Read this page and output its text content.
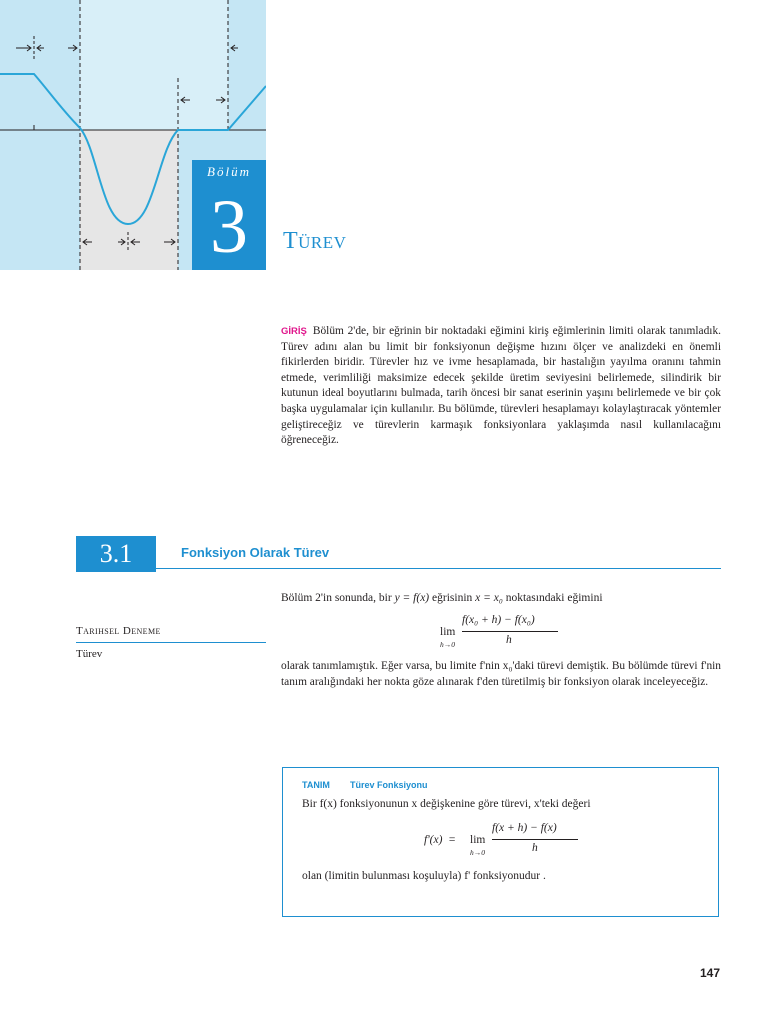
Bölüm
3	Türev
GİRİŞ Bölüm 2'de, bir eğrinin bir noktadaki eğimini kiriş eğimlerinin limiti olarak tanımladık. Türev adını alan bu limit bir fonksiyonun değişme hızını ölçer ve analizdeki en önemli fikirlerden biridir. Türevler hız ve ivme hesaplamada, bir hastalığın yayılma oranını tahmin etmede, verimliliği maksimize edecek şekilde üretim seviyesini belirlemede, silindirik bir kutunun ideal boyutlarını bulmada, tarih öncesi bir sanat eserinin yaşını belirlemede ve bir çok başka uygulamalar için kullanılır. Bu bölümde, türevleri hesaplamayı kolaylaştıracak yöntemler geliştireceğiz ve türevlerin karmaşık fonksiyonlara yaklaşımda nasıl kullanılacağını öğreneceğiz.
3.1	Fonksiyon Olarak Türev
Tarihsel Deneme
Türev
Bölüm 2'in sonunda, bir y = f(x) eğrisinin x = x₀ noktasındaki eğimini
lim
h→0
f(x₀ + h) − f(x₀)
h
olarak tanımlamıştık. Eğer varsa, bu limite f'nin x₀'daki türevi demiştik. Bu bölümde türevi f'nin tanım aralığındaki her nokta göze alınarak f'den türetilmiş bir fonksiyon olarak inceleyeceğiz.
TANIM Türev Fonksiyonu
Bir f(x) fonksiyonunun x değişkenine göre türevi, x'teki değeri
f'(x)  = lim
h→0
f(x + h) − f(x)
h
olan (limitin bulunması koşuluyla) f' fonksiyonudur .
147
